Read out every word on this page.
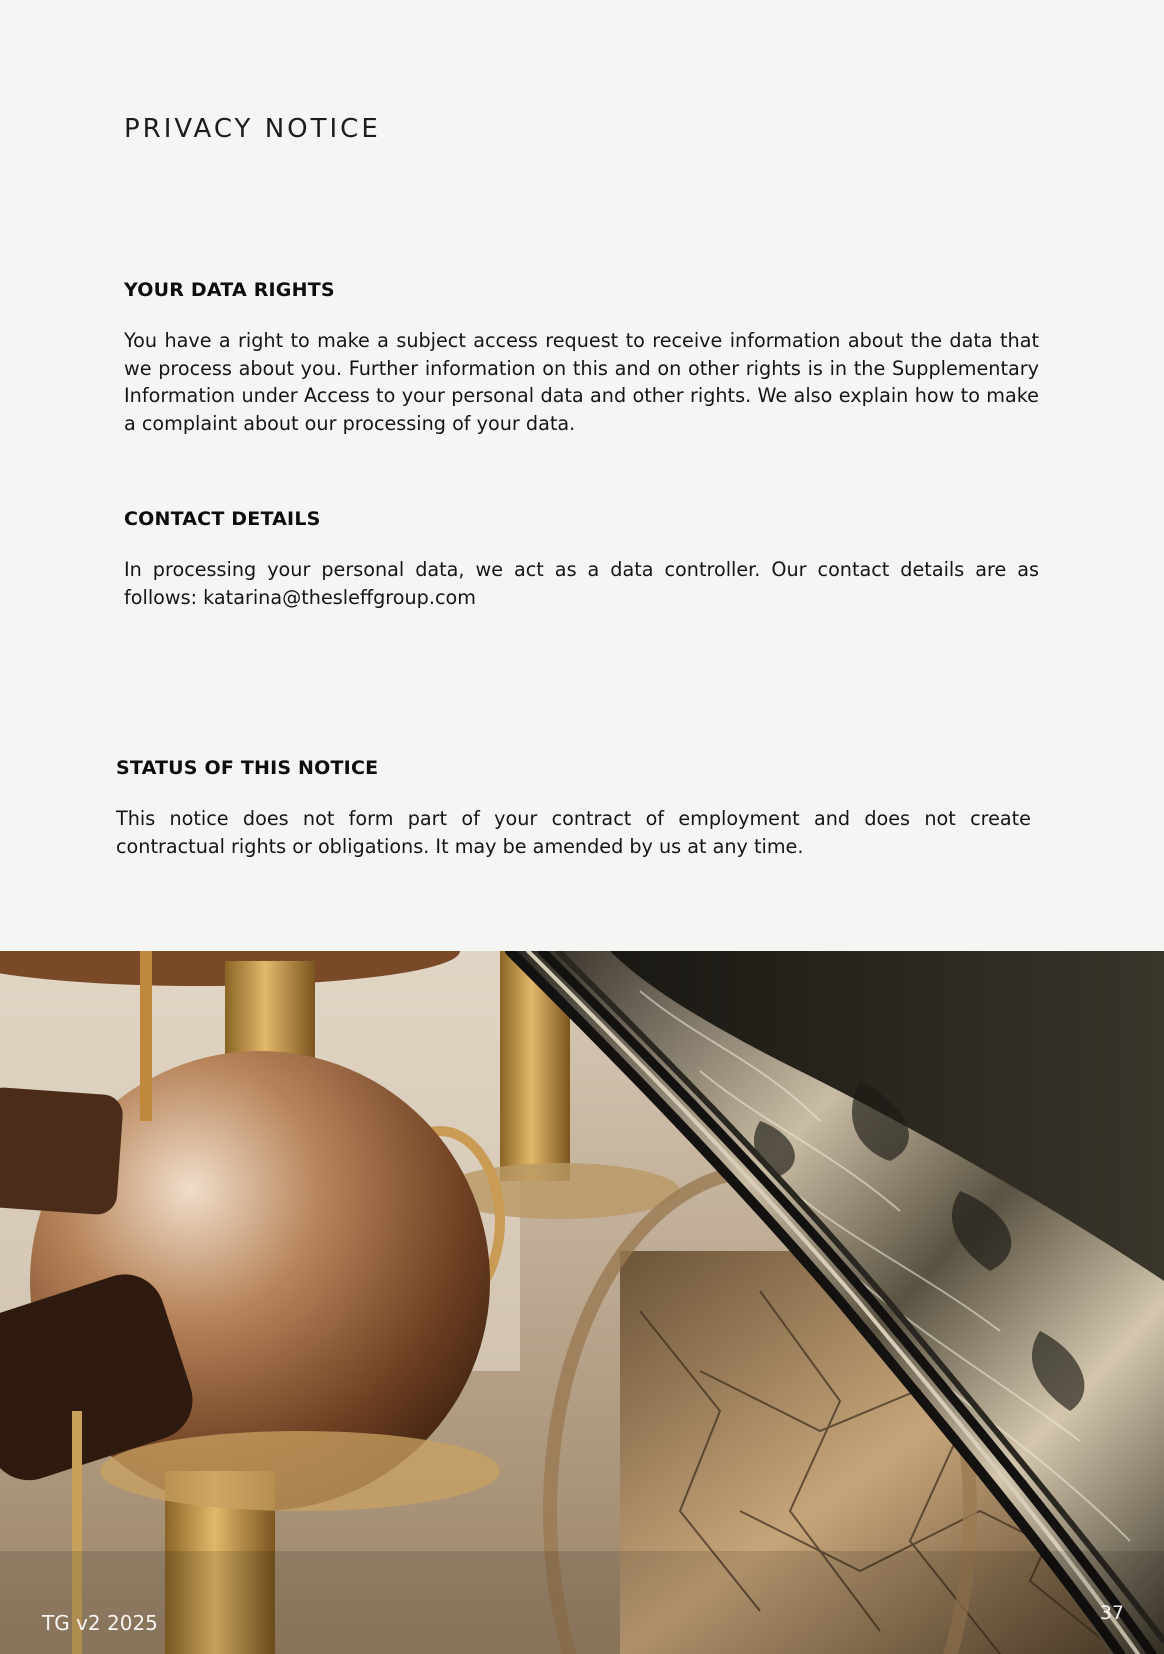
PRIVACY NOTICE
YOUR DATA RIGHTS

You have a right to make a subject access request to receive information about the data that we process about you. Further information on this and on other rights is in the Supplementary Information under Access to your personal data and other rights. We also explain how to make a complaint about our processing of your data.

CONTACT DETAILS

In processing your personal data, we act as a data controller. Our contact details are as follows: katarina@thesleffgroup.com

STATUS OF THIS NOTICE

This notice does not form part of your contract of employment and does not create contractual rights or obligations. It may be amended by us at any time.

TG v2 2025	37
